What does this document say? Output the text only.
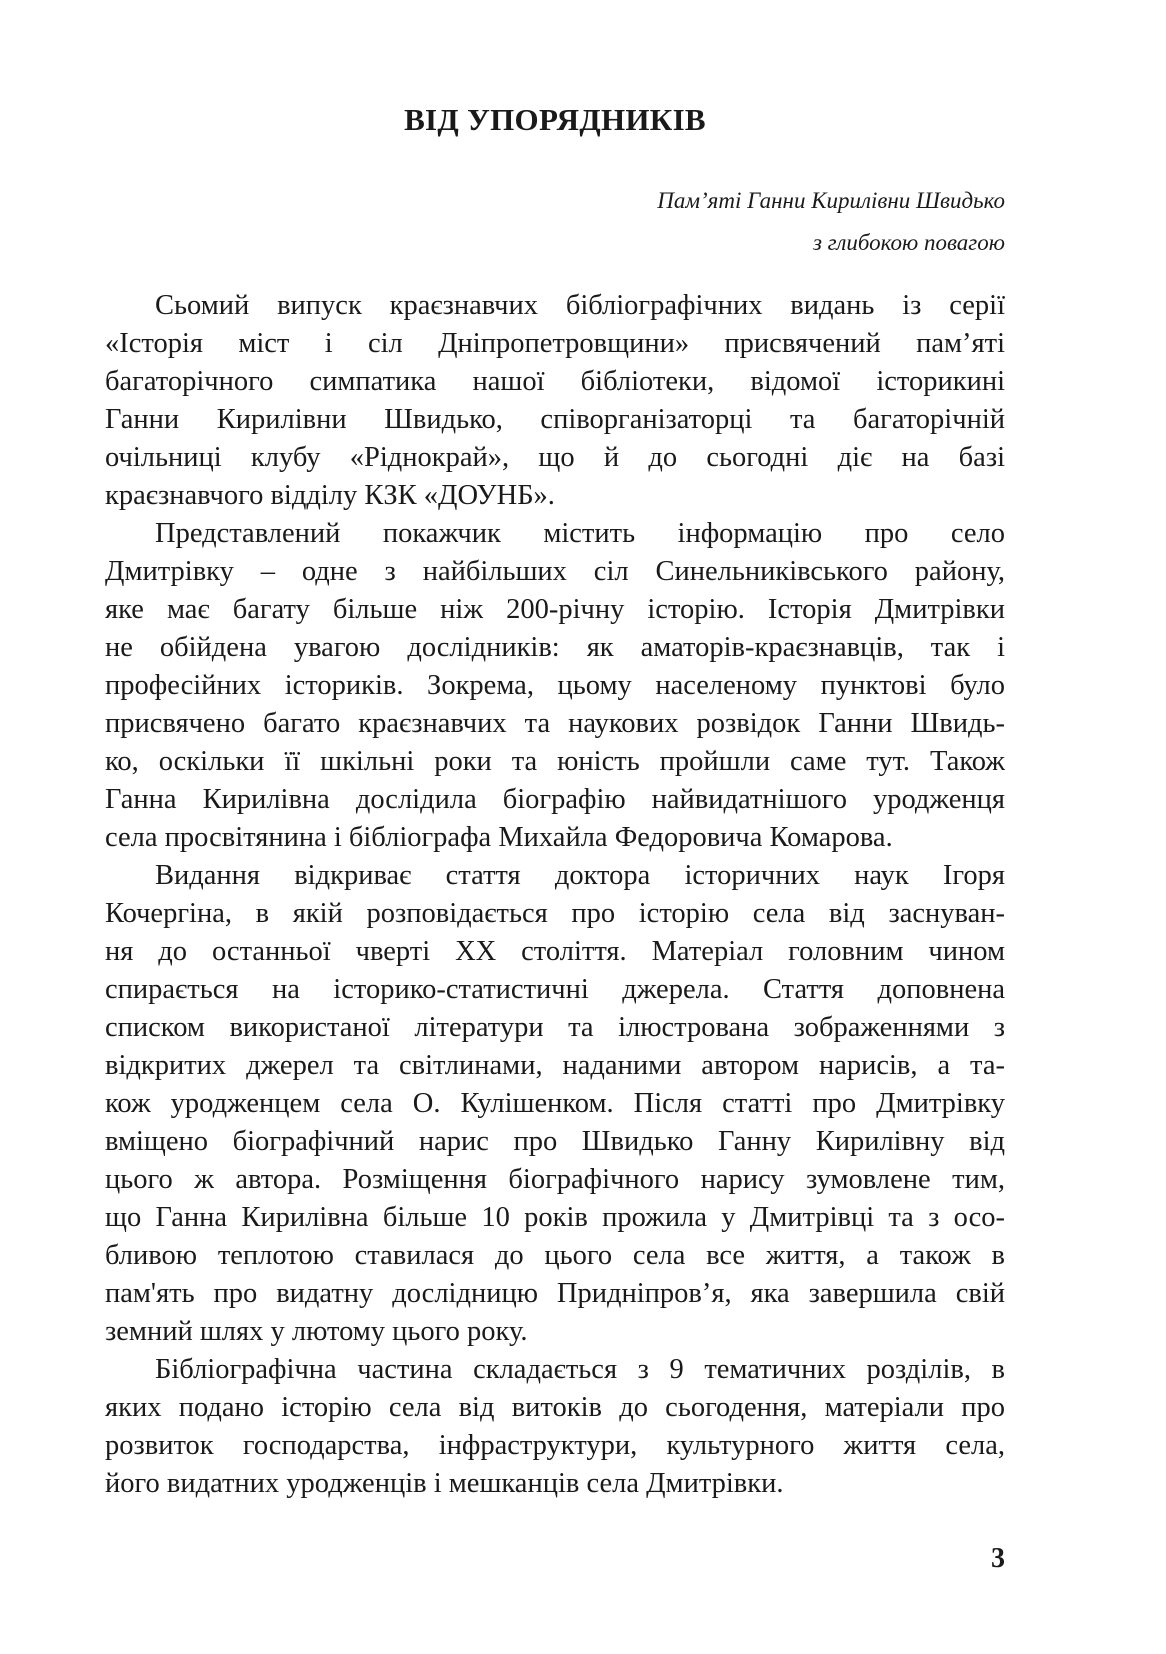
ВІД УПОРЯДНИКІВ
Пам’яті Ганни Кирилівни Швидько
з глибокою повагою
Сьомий випуск краєзнавчих бібліографічних видань із серії
«Історія міст і сіл Дніпропетровщини» присвячений пам’яті
багаторічного симпатика нашої бібліотеки, відомої історикині
Ганни Кирилівни Швидько, співорганізаторці та багаторічній
очільниці клубу «Ріднокрай», що й до сьогодні діє на базі
краєзнавчого відділу КЗК «ДОУНБ».
Представлений покажчик містить інформацію про село
Дмитрівку – одне з найбільших сіл Синельниківського району,
яке має багату більше ніж 200-річну історію. Історія Дмитрівки
не обійдена увагою дослідників: як аматорів-краєзнавців, так і
професійних істориків. Зокрема, цьому населеному пунктові було
присвячено багато краєзнавчих та наукових розвідок Ганни Швидь-
ко, оскільки її шкільні роки та юність пройшли саме тут. Також
Ганна Кирилівна дослідила біографію найвидатнішого уродженця
села просвітянина і бібліографа Михайла Федоровича Комарова.
Видання відкриває стаття доктора історичних наук Ігоря
Кочергіна, в якій розповідається про історію села від заснуван-
ня до останньої чверті ХХ століття. Матеріал головним чином
спирається на історико-статистичні джерела. Стаття доповнена
списком використаної літератури та ілюстрована зображеннями з
відкритих джерел та світлинами, наданими автором нарисів, а та-
кож уродженцем села О. Кулішенком. Після статті про Дмитрівку
вміщено біографічний нарис про Швидько Ганну Кирилівну від
цього ж автора. Розміщення біографічного нарису зумовлене тим,
що Ганна Кирилівна більше 10 років прожила у Дмитрівці та з осо-
бливою теплотою ставилася до цього села все життя, а також в
пам'ять про видатну дослідницю Придніпров’я, яка завершила свій
земний шлях у лютому цього року.
Бібліографічна частина складається з 9 тематичних розділів, в
яких подано історію села від витоків до сьогодення, матеріали про
розвиток господарства, інфраструктури, культурного життя села,
його видатних уродженців і мешканців села Дмитрівки.
3
